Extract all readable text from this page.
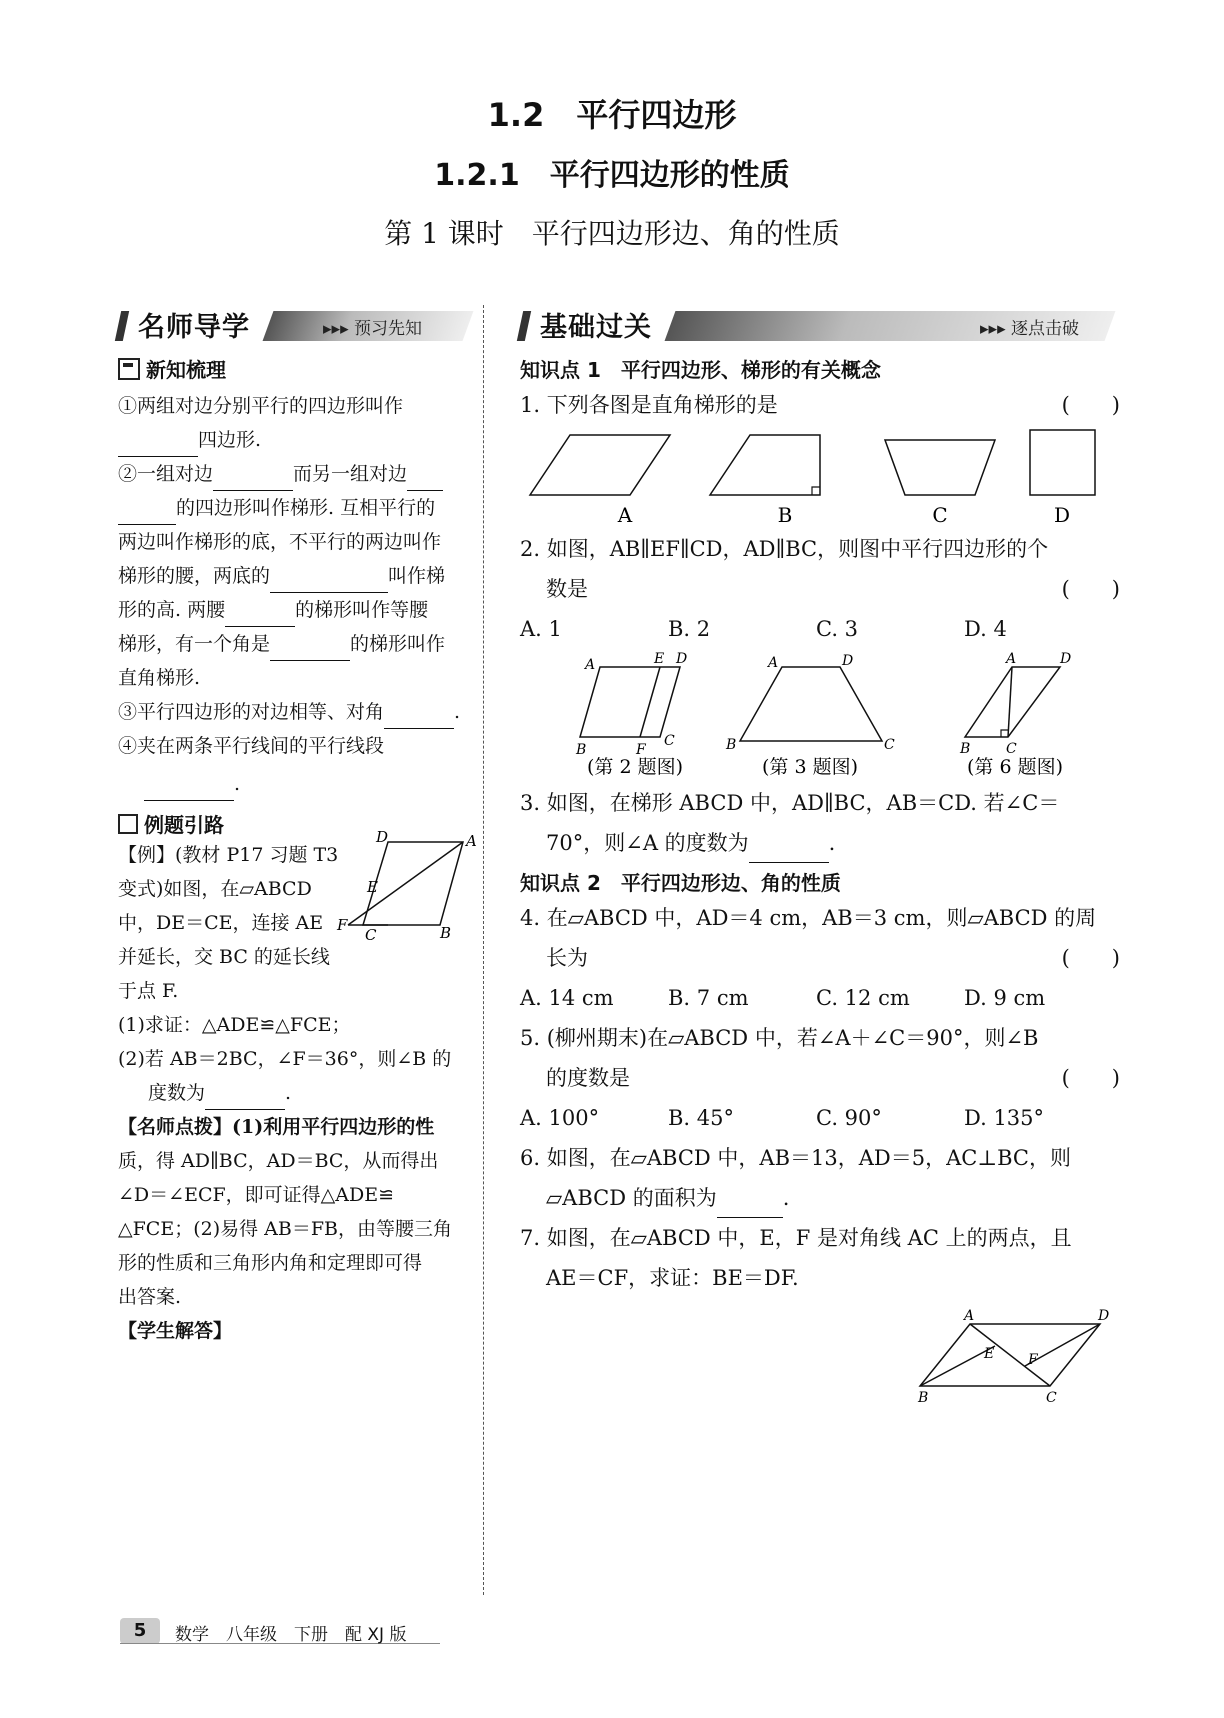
1.2　平行四边形
1.2.1　平行四边形的性质
第 1 课时　平行四边形边、角的性质
名师导学	▸▸▸ 预习先知	基础过关	▸▸▸ 逐点击破
新知梳理
①两组对边分别平行的四边形叫作
四边形.
②一组对边	而另一组对边
的四边形叫作梯形. 互相平行的
两边叫作梯形的底，不平行的两边叫作
梯形的腰，两底的	叫作梯
形的高. 两腰	的梯形叫作等腰
梯形，有一个角是	的梯形叫作
直角梯形.
③平行四边形的对边相等、对角	.
④夹在两条平行线间的平行线段
.
例题引路
【例】(教材 P17 习题 T3
变式)如图，在▱ABCD
中，DE＝CE，连接 AE
并延长，交 BC 的延长线
于点 F.
(1)求证：△ADE≌△FCE；
(2)若 AB＝2BC，∠F＝36°，则∠B 的
度数为	.
【名师点拨】(1)利用平行四边形的性
质，得 AD∥BC，AD＝BC，从而得出
∠D＝∠ECF，即可证得△ADE≌
△FCE；(2)易得 AB＝FB，由等腰三角
形的性质和三角形内角和定理即可得
出答案.
【学生解答】
D	A
E
F
C	B
知识点 1　平行四边形、梯形的有关概念
1. 下列各图是直角梯形的是	(　　)
A	B	C	D
2. 如图，AB∥EF∥CD，AD∥BC，则图中平行四边形的个
数是	(　　)
A. 1	B. 2	C. 3	D. 4
A	E D
B	F
C
A	D
B	C
A	D
B	C
(第 2 题图)	(第 3 题图)	(第 6 题图)
3. 如图，在梯形 ABCD 中，AD∥BC，AB＝CD. 若∠C＝
70°，则∠A 的度数为	.
知识点 2　平行四边形边、角的性质
4. 在▱ABCD 中，AD＝4 cm，AB＝3 cm，则▱ABCD 的周
长为	(　　)
A. 14 cm	B. 7 cm	C. 12 cm	D. 9 cm
5. (柳州期末)在▱ABCD 中，若∠A＋∠C＝90°，则∠B
的度数是	(　　)
A. 100°	B. 45°	C. 90°	D. 135°
6. 如图，在▱ABCD 中，AB＝13，AD＝5，AC⊥BC，则
▱ABCD 的面积为	.
7. 如图，在▱ABCD 中，E，F 是对角线 AC 上的两点，且
AE＝CF，求证：BE＝DF.
A	D
E F
B	C
5	数学　八年级　下册　配 XJ 版
